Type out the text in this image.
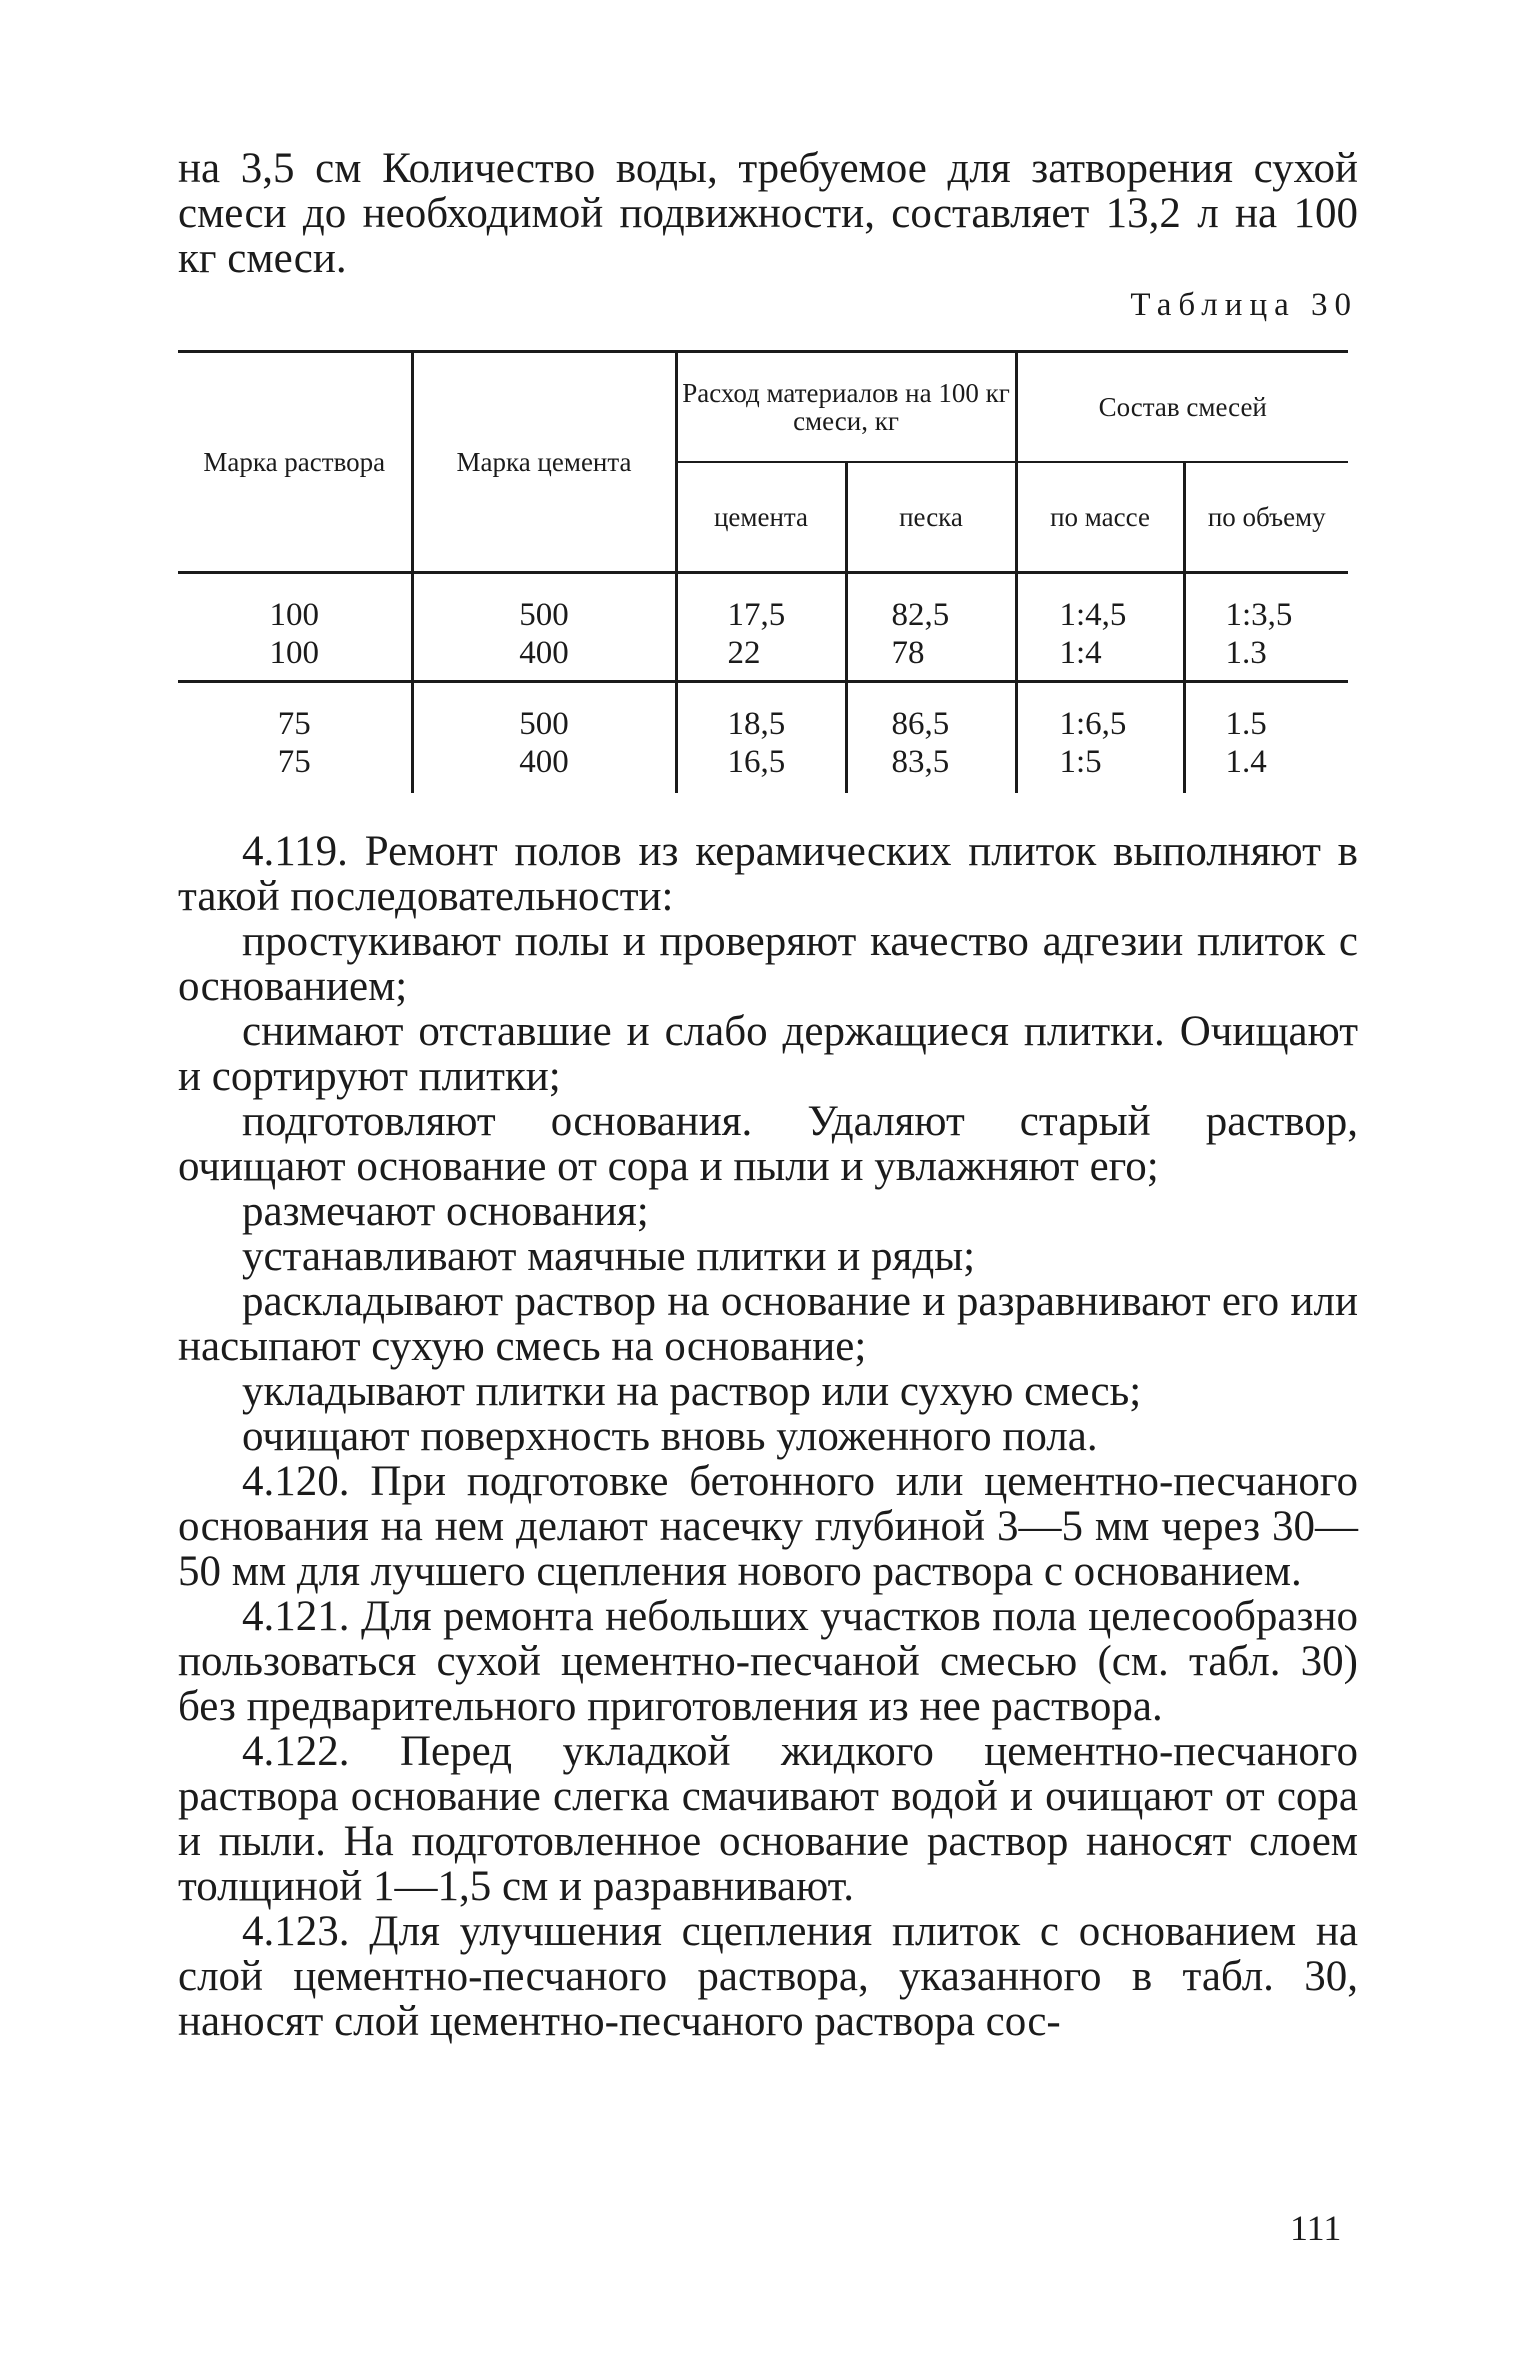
на 3,5 см Количество воды, требуемое для затворения сухой смеси до необходимой подвижности, составляет 13,2 л на 100 кг смеси.

Таблица 30
Марка раствора	Марка цемента	Расход материалов на 100 кг смеси, кг		Состав смесей	
		цемента	песка	по массе	по объему
100	500	17,5	82,5	1:4,5	1:3,5
100	400	22	78	1:4	1.3
75	500	18,5	86,5	1:6,5	1.5
75	400	16,5	83,5	1:5	1.4

4.119. Ремонт полов из керамических плиток выполняют в такой последовательности:

простукивают полы и проверяют качество адгезии плиток с основанием;

снимают отставшие и слабо держащиеся плитки. Очищают и сортируют плитки;

подготовляют основания. Удаляют старый раствор, очищают основание от сора и пыли и увлажняют его;

размечают основания;

устанавливают маячные плитки и ряды;

раскладывают раствор на основание и разравнивают его или насыпают сухую смесь на основание;

укладывают плитки на раствор или сухую смесь;

очищают поверхность вновь уложенного пола.

4.120. При подготовке бетонного или цементно-песчаного основания на нем делают насечку глубиной 3—5 мм через 30—50 мм для лучшего сцепления нового раствора с основанием.

4.121. Для ремонта небольших участков пола целесообразно пользоваться сухой цементно-песчаной смесью (см. табл. 30) без предварительного приготовления из нее раствора.

4.122. Перед укладкой жидкого цементно-песчаного раствора основание слегка смачивают водой и очищают от сора и пыли. На подготовленное основание раствор наносят слоем толщиной 1—1,5 см и разравнивают.

4.123. Для улучшения сцепления плиток с основанием на слой цементно-песчаного раствора, указанного в табл. 30, наносят слой цементно-песчаного раствора сос-

111
